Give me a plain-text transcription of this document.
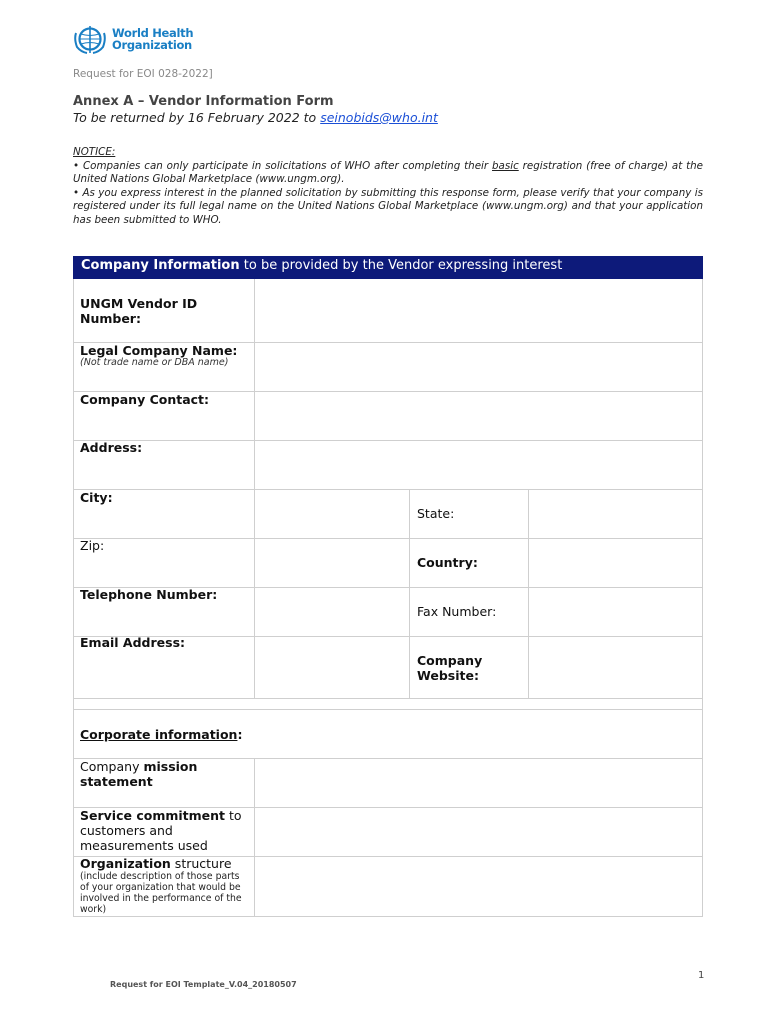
World Health
Organization
Request for EOI 028-2022]
Annex A – Vendor Information Form
To be returned by 16 February 2022 to seinobids@who.int

NOTICE:

• Companies can only participate in solicitations of WHO after completing their basic registration (free of charge) at the United Nations Global Marketplace (www.ungm.org).

• As you express interest in the planned solicitation by submitting this response form, please verify that your company is registered under its full legal name on the United Nations Global Marketplace (www.ungm.org) and that your application has been submitted to WHO.

Company Information to be provided by the Vendor expressing interest
UNGM Vendor ID Number:
Legal Company Name:
(Not trade name or DBA name)
Company Contact:
Address:
City:
State:
Zip:
Country:
Telephone Number:
Fax Number:
Email Address:
Company Website:
Corporate information:
Company mission statement
Service commitment to customers and measurements used
Organization structure
(include description of those parts of your organization that would be involved in the performance of the work)
Request for EOI Template_V.04_20180507
1
